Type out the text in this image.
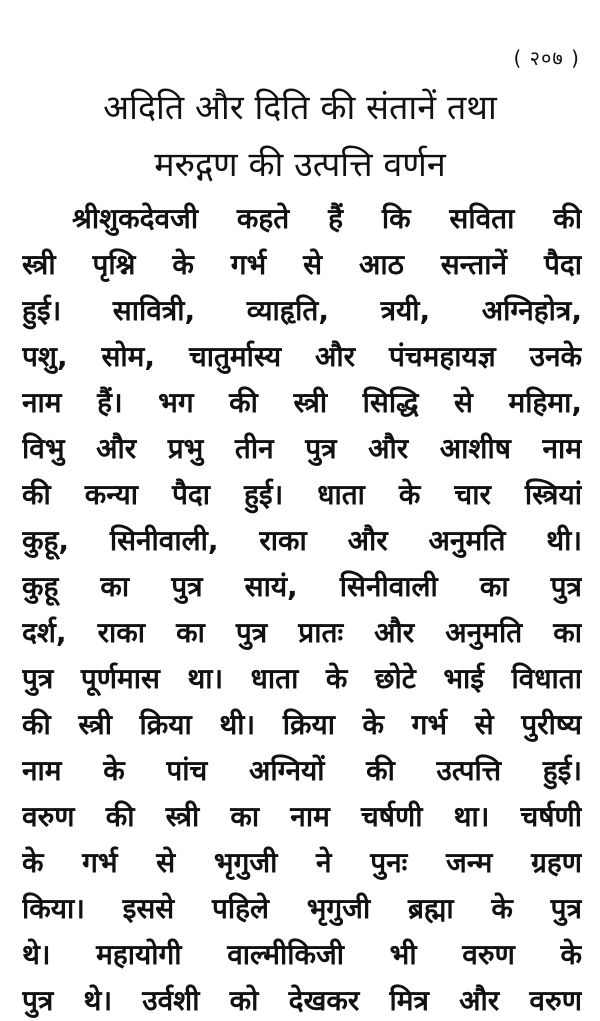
( २०७ )
अदिति और दिति की संतानें तथा
मरुद्गण की उत्पत्ति वर्णन
श्रीशुकदेवजी कहते हैं कि सविता की
स्त्री पृश्नि के गर्भ से आठ सन्तानें पैदा
हुई। सावित्री, व्याहृति, त्रयी, अग्निहोत्र,
पशु, सोम, चातुर्मास्य और पंचमहायज्ञ उनके
नाम हैं। भग की स्त्री सिद्धि से महिमा,
विभु और प्रभु तीन पुत्र और आशीष नाम
की कन्या पैदा हुई। धाता के चार स्त्रियां
कुहू, सिनीवाली, राका और अनुमति थी।
कुहू का पुत्र सायं, सिनीवाली का पुत्र
दर्श, राका का पुत्र प्रातः और अनुमति का
पुत्र पूर्णमास था। धाता के छोटे भाई विधाता
की स्त्री क्रिया थी। क्रिया के गर्भ से पुरीष्य
नाम के पांच अग्नियों की उत्पत्ति हुई।
वरुण की स्त्री का नाम चर्षणी था। चर्षणी
के गर्भ से भृगुजी ने पुनः जन्म ग्रहण
किया। इससे पहिले भृगुजी ब्रह्मा के पुत्र
थे। महायोगी वाल्मीकिजी भी वरुण के
पुत्र थे। उर्वशी को देखकर मित्र और वरुण
